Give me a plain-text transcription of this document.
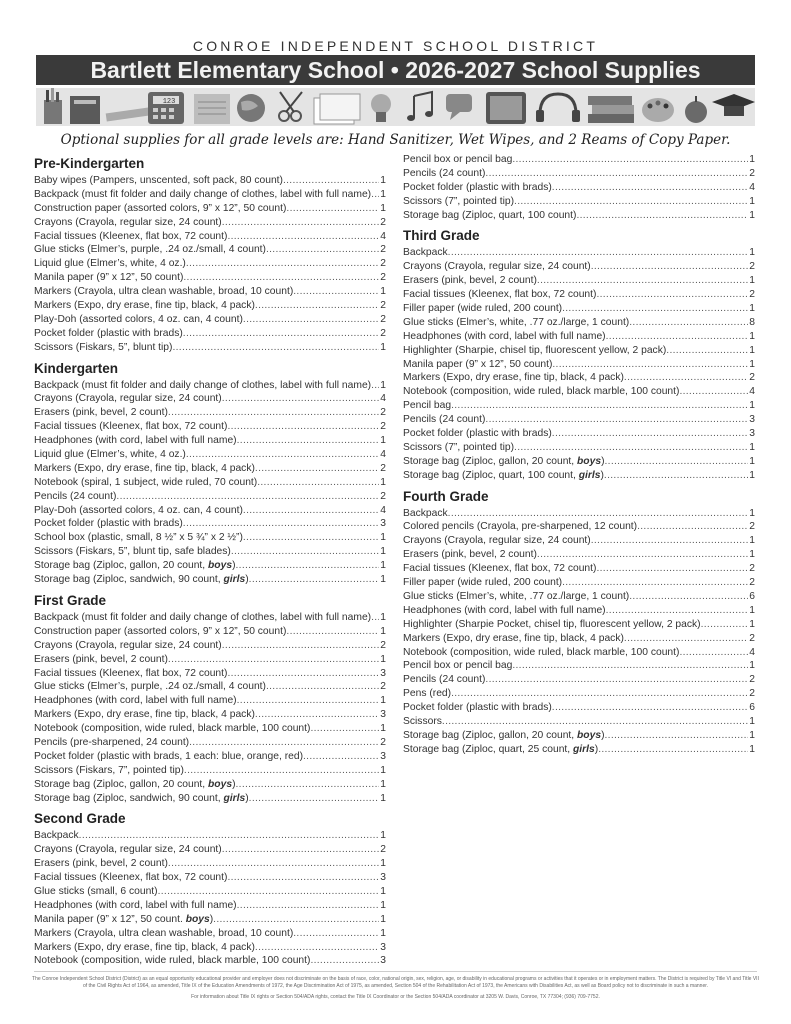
CONROE INDEPENDENT SCHOOL DISTRICT
Bartlett Elementary School • 2026-2027 School Supplies
123
Optional supplies for all grade levels are: Hand Sanitizer, Wet Wipes, and 2 Reams of Copy Paper.
Pre-Kindergarten
Baby wipes (Pampers, unscented, soft pack, 80 count) .....	1
Backpack (must fit folder and daily change of clothes, label with full name) ..... 1
Construction paper (assorted colors, 9” x 12”, 50 count) .....	1
Crayons (Crayola, regular size, 24 count) .....	2
Facial tissues (Kleenex, flat box, 72 count) .....	4
Glue sticks (Elmer’s, purple, .24 oz./small, 4 count) .....	2
Liquid glue (Elmer’s, white, 4 oz.) .....	2
Manila paper (9” x 12”, 50 count) .....	2
Markers (Crayola, ultra clean washable, broad, 10 count) .....	1
Markers (Expo, dry erase, fine tip, black, 4 pack) .....	2
Play-Doh (assorted colors, 4 oz. can, 4 count) .....	2
Pocket folder (plastic with brads) .....	2
Scissors (Fiskars, 5”, blunt tip) .....	1
Kindergarten
Backpack (must fit folder and daily change of clothes, label with full name) ..... 1
Crayons (Crayola, regular size, 24 count) .....	4
Erasers (pink, bevel, 2 count) .....	2
Facial tissues (Kleenex, flat box, 72 count) .....	2
Headphones (with cord, label with full name) .....	1
Liquid glue (Elmer’s, white, 4 oz.) .....	4
Markers (Expo, dry erase, fine tip, black, 4 pack) .....	2
Notebook (spiral, 1 subject, wide ruled, 70 count) .....	1
Pencils (24 count) .....	2
Play-Doh (assorted colors, 4 oz. can, 4 count) .....	4
Pocket folder (plastic with brads) .....	3
School box (plastic, small, 8 ½” x 5 ¾” x 2 ½”) .....	1
Scissors (Fiskars, 5”, blunt tip, safe blades) .....	1
Storage bag (Ziploc, gallon, 20 count, boys) .....	1
Storage bag (Ziploc, sandwich, 90 count, girls) .....	1
First Grade
Backpack (must fit folder and daily change of clothes, label with full name) ..... 1
Construction paper (assorted colors, 9” x 12”, 50 count) .....	1
Crayons (Crayola, regular size, 24 count) .....	2
Erasers (pink, bevel, 2 count) .....	1
Facial tissues (Kleenex, flat box, 72 count) .....	3
Glue sticks (Elmer’s, purple, .24 oz./small, 4 count) .....	2
Headphones (with cord, label with full name) .....	1
Markers (Expo, dry erase, fine tip, black, 4 pack) .....	3
Notebook (composition, wide ruled, black marble, 100 count) .....	1
Pencils (pre-sharpened, 24 count) .....	2
Pocket folder (plastic with brads, 1 each: blue, orange, red) .....	3
Scissors (Fiskars, 7”, pointed tip) .....	1
Storage bag (Ziploc, gallon, 20 count, boys) .....	1
Storage bag (Ziploc, sandwich, 90 count, girls) .....	1
Second Grade
Backpack .....	1
Crayons (Crayola, regular size, 24 count) .....	2
Erasers (pink, bevel, 2 count) .....	1
Facial tissues (Kleenex, flat box, 72 count) .....	3
Glue sticks (small, 6 count) .....	1
Headphones (with cord, label with full name) .....	1
Manila paper (9” x 12”, 50 count. boys) .....	1
Markers (Crayola, ultra clean washable, broad, 10 count) .....	1
Markers (Expo, dry erase, fine tip, black, 4 pack) .....	3
Notebook (composition, wide ruled, black marble, 100 count) .....	3
Pencil box or pencil bag .....	1
Pencils (24 count) .....	2
Pocket folder (plastic with brads) .....	4
Scissors (7”, pointed tip) .....	1
Storage bag (Ziploc, quart, 100 count) .....	1
Third Grade
Backpack .....	1
Crayons (Crayola, regular size, 24 count) .....	2
Erasers (pink, bevel, 2 count) .....	1
Facial tissues (Kleenex, flat box, 72 count) .....	2
Filler paper (wide ruled, 200 count) .....	1
Glue sticks (Elmer’s, white, .77 oz./large, 1 count) .....	8
Headphones (with cord, label with full name) .....	1
Highlighter (Sharpie, chisel tip, fluorescent yellow, 2 pack) .....	1
Manila paper (9” x 12”, 50 count) .....	1
Markers (Expo, dry erase, fine tip, black, 4 pack) .....	2
Notebook (composition, wide ruled, black marble, 100 count) .....	4
Pencil bag .....	1
Pencils (24 count) .....	3
Pocket folder (plastic with brads) .....	3
Scissors (7”, pointed tip) .....	1
Storage bag (Ziploc, gallon, 20 count, boys) .....	1
Storage bag (Ziploc, quart, 100 count, girls) .....	1
Fourth Grade
Backpack .....	1
Colored pencils (Crayola, pre-sharpened, 12 count) .....	2
Crayons (Crayola, regular size, 24 count) .....	1
Erasers (pink, bevel, 2 count) .....	1
Facial tissues (Kleenex, flat box, 72 count) .....	2
Filler paper (wide ruled, 200 count) .....	2
Glue sticks (Elmer’s, white, .77 oz./large, 1 count) .....	6
Headphones (with cord, label with full name) .....	1
Highlighter (Sharpie Pocket, chisel tip, fluorescent yellow, 2 pack) .....	1
Markers (Expo, dry erase, fine tip, black, 4 pack) .....	2
Notebook (composition, wide ruled, black marble, 100 count) .....	4
Pencil box or pencil bag .....	1
Pencils (24 count) .....	2
Pens (red) .....	2
Pocket folder (plastic with brads) .....	6
Scissors .....	1
Storage bag (Ziploc, gallon, 20 count, boys) .....	1
Storage bag (Ziploc, quart, 25 count, girls) .....	1
The Conroe Independent School District (District) as an equal opportunity educational provider and employer does not discriminate on the basis of race, color, national origin, sex, religion, age, or disability in educational programs or activities that it operates or in employment matters. The District is required by Title VI and Title VII of the Civil Rights Act of 1964, as amended, Title IX of the Education Amendments of 1972, the Age Discrimination Act of 1975, as amended, Section 504 of the Rehabilitation Act of 1973, the Americans with Disabilities Act, as well as Board policy not to discriminate in such a manner.
For information about Title IX rights or Section 504/ADA rights, contact the Title IX Coordinator or the Section 504/ADA coordinator at 3205 W. Davis, Conroe, TX 77304; (936) 709-7752.
